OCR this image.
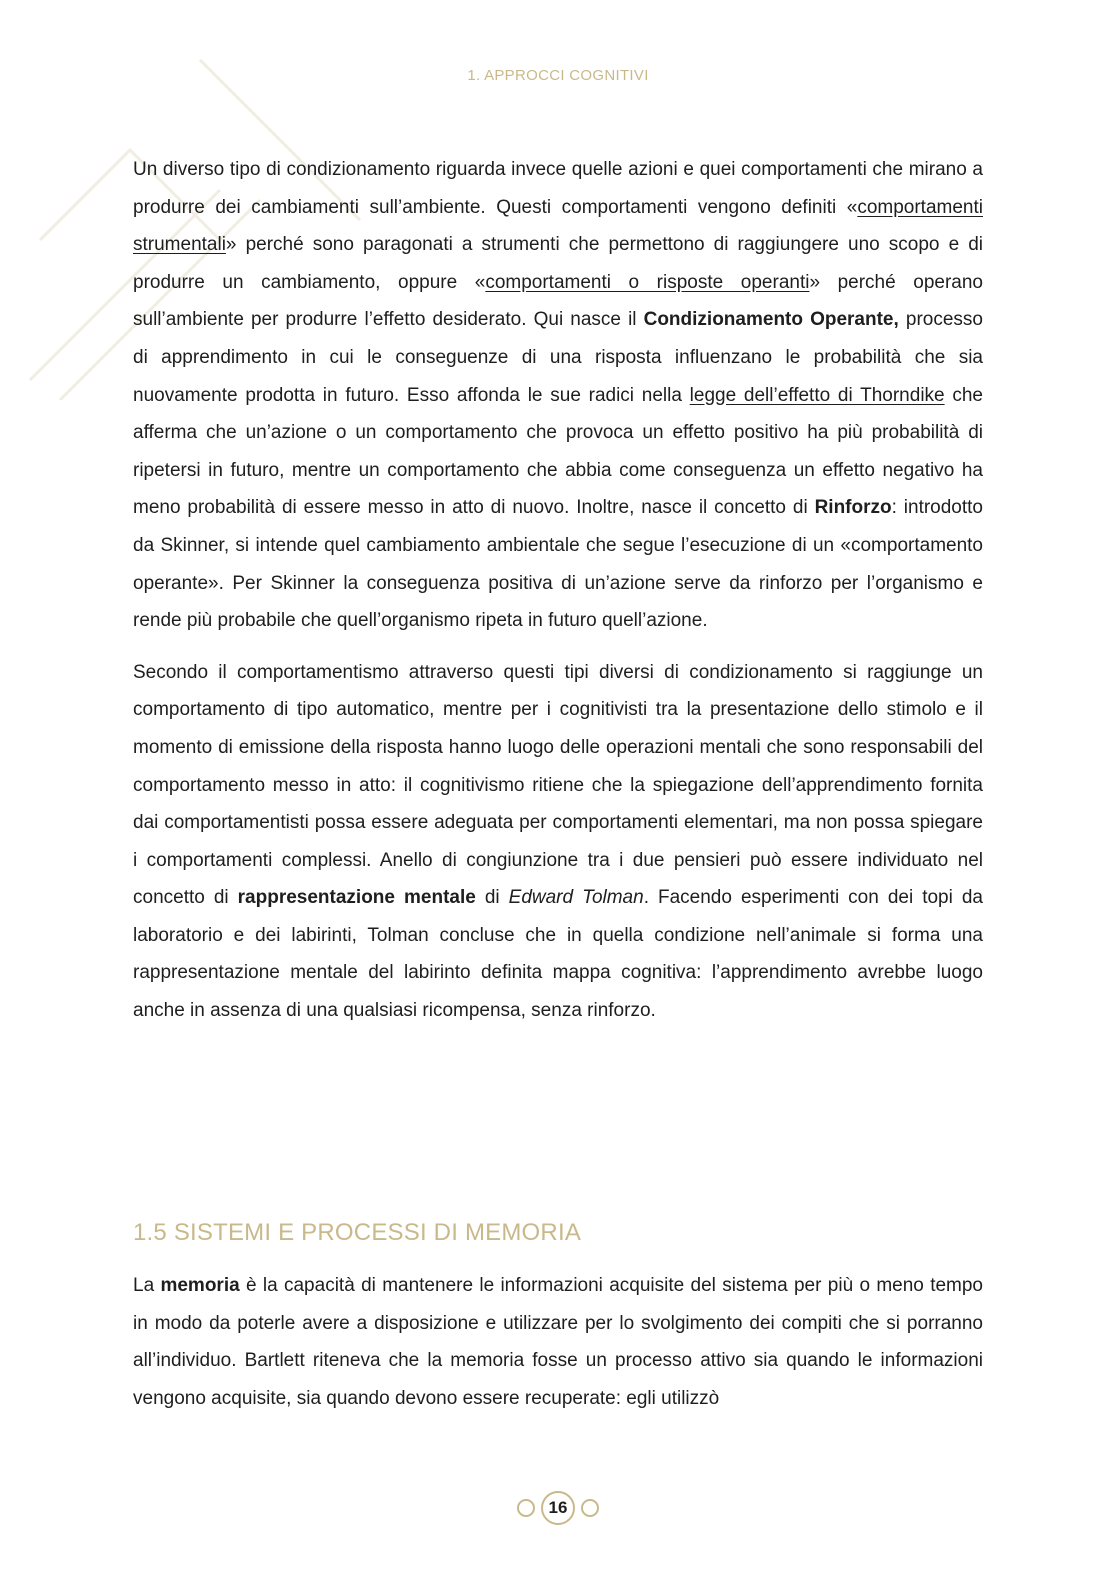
1. APPROCCI COGNITIVI

Un diverso tipo di condizionamento riguarda invece quelle azioni e quei comportamenti che mirano a produrre dei cambiamenti sull’ambiente. Questi comportamenti vengono definiti «comportamenti strumentali» perché sono paragonati a strumenti che permettono di raggiungere uno scopo e di produrre un cambiamento, oppure «comportamenti o risposte operanti» perché operano sull’ambiente per produrre l’effetto desiderato. Qui nasce il Condizionamento Operante, processo di apprendimento in cui le conseguenze di una risposta influenzano le probabilità che sia nuovamente prodotta in futuro. Esso affonda le sue radici nella legge dell’effetto di Thorndike che afferma che un’azione o un comportamento che provoca un effetto positivo ha più probabilità di ripetersi in futuro, mentre un comportamento che abbia come conseguenza un effetto negativo ha meno probabilità di essere messo in atto di nuovo. Inoltre, nasce il concetto di Rinforzo: introdotto da Skinner, si intende quel cambiamento ambientale che segue l’esecuzione di un «comportamento operante». Per Skinner la conseguenza positiva di un’azione serve da rinforzo per l’organismo e rende più probabile che quell’organismo ripeta in futuro quell’azione.

Secondo il comportamentismo attraverso questi tipi diversi di condizionamento si raggiunge un comportamento di tipo automatico, mentre per i cognitivisti tra la presentazione dello stimolo e il momento di emissione della risposta hanno luogo delle operazioni mentali che sono responsabili del comportamento messo in atto: il cognitivismo ritiene che la spiegazione dell’apprendimento fornita dai comportamentisti possa essere adeguata per comportamenti elementari, ma non possa spiegare i comportamenti complessi. Anello di congiunzione tra i due pensieri può essere individuato nel concetto di rappresentazione mentale di Edward Tolman. Facendo esperimenti con dei topi da laboratorio e dei labirinti, Tolman concluse che in quella condizione nell’animale si forma una rappresentazione mentale del labirinto definita mappa cognitiva: l’apprendimento avrebbe luogo anche in assenza di una qualsiasi ricompensa, senza rinforzo.

1.5 SISTEMI E PROCESSI DI MEMORIA

La memoria è la capacità di mantenere le informazioni acquisite del sistema per più o meno tempo in modo da poterle avere a disposizione e utilizzare per lo svolgimento dei compiti che si porranno all’individuo. Bartlett riteneva che la memoria fosse un processo attivo sia quando le informazioni vengono acquisite, sia quando devono essere recuperate: egli utilizzò

16
